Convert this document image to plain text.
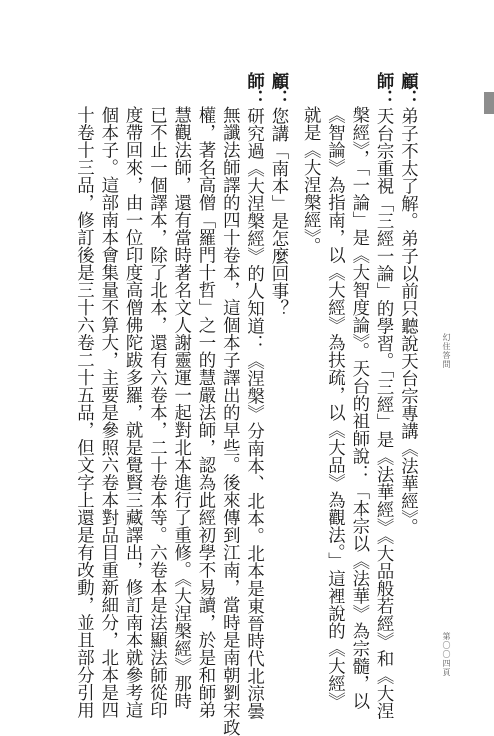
幻住答問
第〇〇四頁
顧：弟子不太了解。弟子以前只聽說天台宗專講《法華經》。
師：天台宗重視「三經一論」的學習。「三經」是《法華經》《大品般若經》和《大涅
槃經》，「一論」是《大智度論》。天台的祖師說：「本宗以《法華》為宗髓，以
《智論》為指南，以《大經》為扶疏，以《大品》為觀法。」這裡說的《大經》
就是《大涅槃經》。
顧：您講「南本」是怎麼回事？
師：研究過《大涅槃經》的人知道：《涅槃》分南本、北本。北本是東晉時代北涼曇
無讖法師譯的四十卷本，這個本子譯出的早些。後來傳到江南，當時是南朝劉宋政
權，著名高僧「羅門十哲」之一的慧嚴法師，認為此經初學不易讀，於是和師弟
慧觀法師，還有當時著名文人謝靈運一起對北本進行了重修。《大涅槃經》那時
已不止一個譯本，除了北本，還有六卷本，二十卷本等。六卷本是法顯法師從印
度帶回來，由一位印度高僧佛陀跋多羅，就是覺賢三藏譯出，修訂南本就參考這
個本子。這部南本會集量不算大，主要是參照六卷本對品目重新細分，北本是四
十卷十三品，修訂後是三十六卷二十五品，但文字上還是有改動，並且部分引用
